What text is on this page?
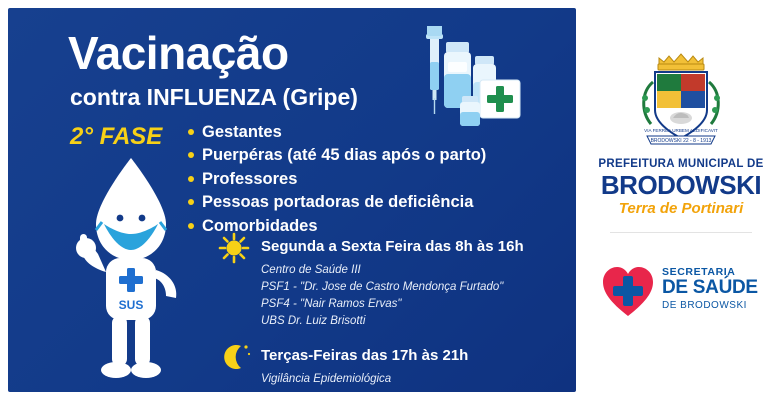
Vacinação
contra INFLUENZA (Gripe)
2° FASE	Gestantes
Puerpéras (até 45 dias após o parto)
Professores
Pessoas portadoras de deficiência
Comorbidades
Segunda a Sexta Feira das 8h às 16h
Centro de Saúde III
PSF1 - "Dr. Jose de Castro Mendonça Furtado"
PSF4 - "Nair Ramos Ervas"
UBS Dr. Luiz Brisotti
Terças-Feiras das 17h às 21h
Vigilância Epidemiológica
SUS
BRODOWSKI 22 - 8 - 1913
VIA FERREA URBEM AEDIFICAVIT
PREFEITURA MUNICIPAL DE
BRODOWSKI
Terra de Portinari
SECRETARIA
DE SAÚDE
DE BRODOWSKI
